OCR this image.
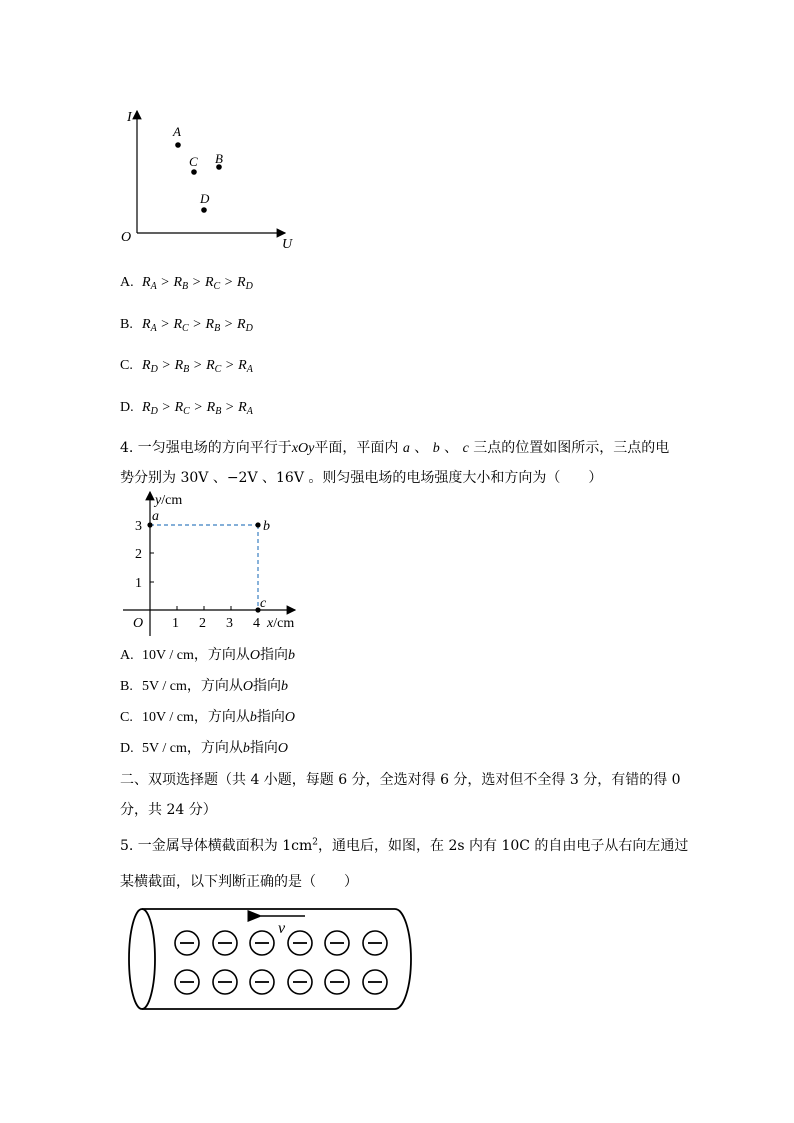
I
U
O
A
C B
D
A. $R_A > R_B > R_C > R_D$
B. $R_A > R_C > R_B > R_D$
C. $R_D > R_B > R_C > R_A$
D. $R_D > R_C > R_B > R_A$
4. 一匀强电场的方向平行于xOy平面，平面内 a 、 b 、 c 三点的位置如图所示，三点的电
势分别为 30V 、−2V 、16V 。则匀强电场的电场强度大小和方向为（　　）
y/cm
x/cm
O 1 2 3 4
1
2
3
a
b
c
A. 10V / cm，方向从O指向b
B. 5V / cm，方向从O指向b
C. 10V / cm，方向从b指向O
D. 5V / cm，方向从b指向O
二、双项选择题（共 4 小题，每题 6 分，全选对得 6 分，选对但不全得 3 分，有错的得 0
分，共 24 分）
5. 一金属导体横截面积为 $1cm^2$，通电后，如图，在 2s 内有 10C 的自由电子从右向左通过
某横截面，以下判断正确的是（　　）
v
